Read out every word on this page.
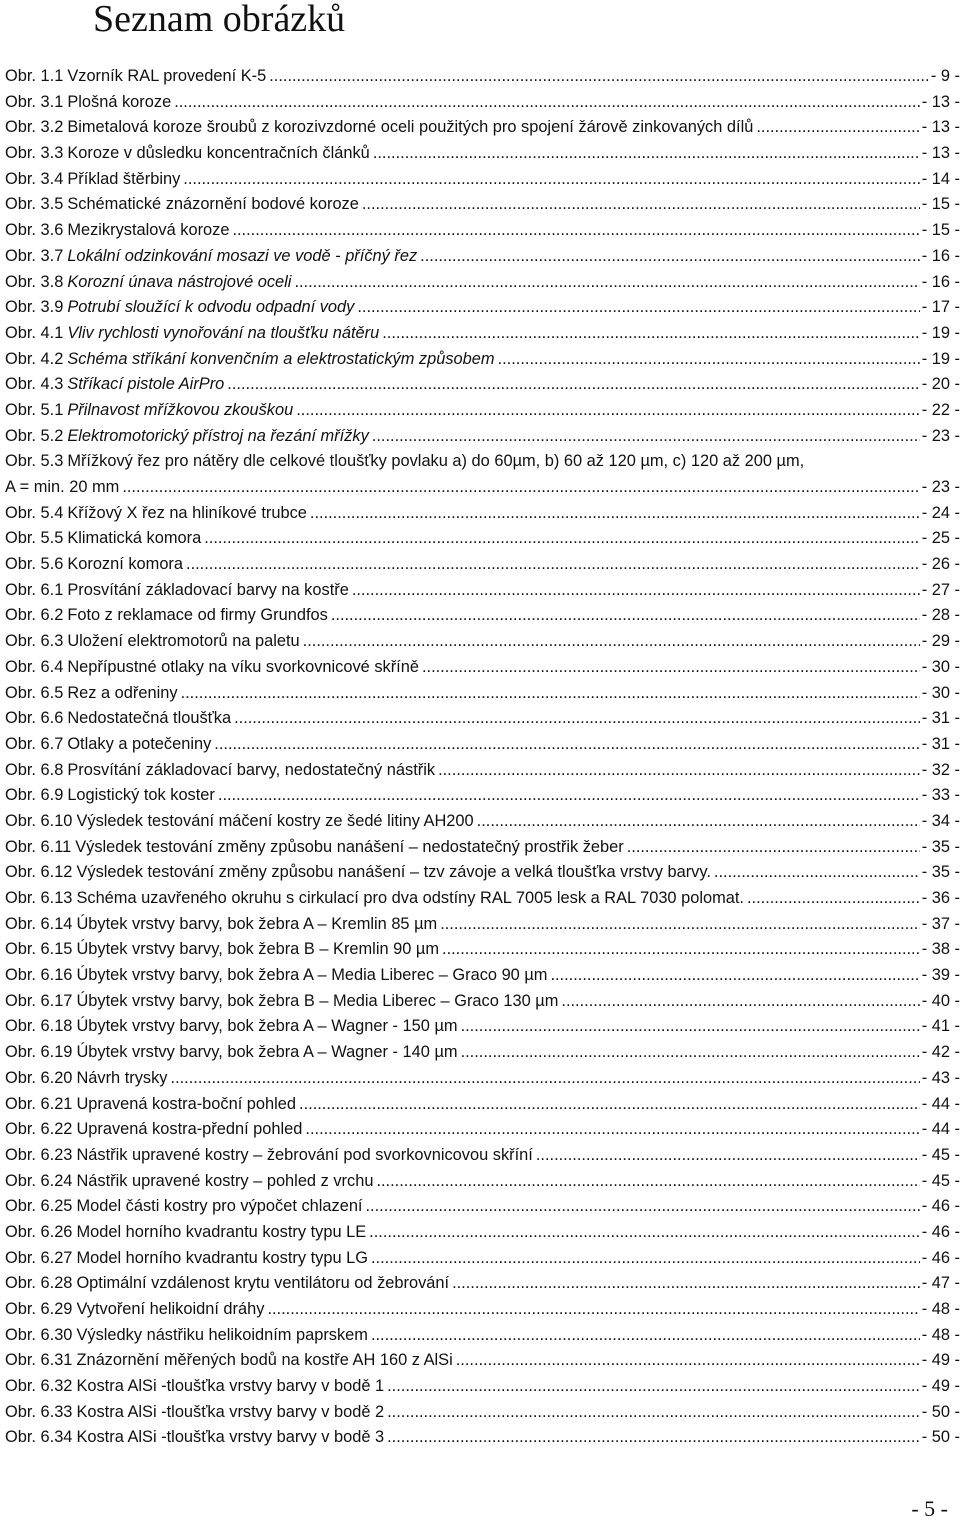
Seznam obrázků
Obr. 1.1 Vzorník RAL provedení K-5 .....	- 9 -
Obr. 3.1 Plošná koroze .....	- 13 -
Obr. 3.2 Bimetalová koroze šroubů z korozivzdorné oceli použitých pro spojení žárově zinkovaných dílů .....	- 13 -
Obr. 3.3 Koroze v důsledku koncentračních článků .....	- 13 -
Obr. 3.4 Příklad štěrbiny .....	- 14 -
Obr. 3.5 Schématické znázornění bodové koroze .....	- 15 -
Obr. 3.6 Mezikrystalová koroze .....	- 15 -
Obr. 3.7 Lokální odzinkování mosazi ve vodě - příčný řez .....	- 16 -
Obr. 3.8 Korozní únava nástrojové oceli .....	- 16 -
Obr. 3.9 Potrubí sloužící k odvodu odpadní vody .....	- 17 -
Obr. 4.1 Vliv rychlosti vynořování na tloušťku nátěru .....	- 19 -
Obr. 4.2 Schéma stříkání konvenčním a elektrostatickým způsobem .....	- 19 -
Obr. 4.3 Stříkací pistole AirPro .....	- 20 -
Obr. 5.1 Přilnavost mřížkovou zkouškou .....	- 22 -
Obr. 5.2 Elektromotorický přístroj na řezání mřížky .....	- 23 -
Obr. 5.3 Mřížkový řez pro nátěry dle celkové tloušťky povlaku a) do 60µm, b) 60 až 120 µm, c) 120 až 200 µm,
A = min. 20 mm .....	- 23 -
Obr. 5.4 Křížový X řez na hliníkové trubce .....	- 24 -
Obr. 5.5 Klimatická komora .....	- 25 -
Obr. 5.6 Korozní komora .....	- 26 -
Obr. 6.1 Prosvítání základovací barvy na kostře .....	- 27 -
Obr. 6.2 Foto z reklamace od firmy Grundfos .....	- 28 -
Obr. 6.3 Uložení elektromotorů na paletu .....	- 29 -
Obr. 6.4 Nepřípustné otlaky na víku svorkovnicové skříně .....	- 30 -
Obr. 6.5 Rez a odřeniny .....	- 30 -
Obr. 6.6 Nedostatečná tloušťka .....	- 31 -
Obr. 6.7 Otlaky a potečeniny .....	- 31 -
Obr. 6.8 Prosvítání základovací barvy, nedostatečný nástřik .....	- 32 -
Obr. 6.9 Logistický tok koster .....	- 33 -
Obr. 6.10 Výsledek testování máčení kostry ze šedé litiny AH200 .....	- 34 -
Obr. 6.11 Výsledek testování změny způsobu nanášení – nedostatečný prostřik žeber .....	- 35 -
Obr. 6.12 Výsledek testování změny způsobu nanášení – tzv závoje a velká tloušťka vrstvy barvy. .....	- 35 -
Obr. 6.13 Schéma uzavřeného okruhu s cirkulací pro dva odstíny RAL 7005 lesk a RAL 7030 polomat. .....	- 36 -
Obr. 6.14 Úbytek vrstvy barvy, bok žebra A – Kremlin 85 µm .....	- 37 -
Obr. 6.15 Úbytek vrstvy barvy, bok žebra B – Kremlin 90 µm .....	- 38 -
Obr. 6.16 Úbytek vrstvy barvy, bok žebra A – Media Liberec – Graco 90 µm .....	- 39 -
Obr. 6.17 Úbytek vrstvy barvy, bok žebra B – Media Liberec – Graco 130 µm .....	- 40 -
Obr. 6.18 Úbytek vrstvy barvy, bok žebra A – Wagner - 150 µm .....	- 41 -
Obr. 6.19 Úbytek vrstvy barvy, bok žebra A – Wagner - 140 µm .....	- 42 -
Obr. 6.20 Návrh trysky .....	- 43 -
Obr. 6.21 Upravená kostra-boční pohled .....	- 44 -
Obr. 6.22 Upravená kostra-přední pohled .....	- 44 -
Obr. 6.23 Nástřik upravené kostry – žebrování pod svorkovnicovou skříní .....	- 45 -
Obr. 6.24 Nástřik upravené kostry – pohled z vrchu .....	- 45 -
Obr. 6.25 Model části kostry pro výpočet chlazení .....	- 46 -
Obr. 6.26 Model horního kvadrantu kostry typu LE .....	- 46 -
Obr. 6.27 Model horního kvadrantu kostry typu LG .....	- 46 -
Obr. 6.28 Optimální vzdálenost krytu ventilátoru od žebrování .....	- 47 -
Obr. 6.29 Vytvoření helikoidní dráhy .....	- 48 -
Obr. 6.30 Výsledky nástřiku helikoidním paprskem .....	- 48 -
Obr. 6.31 Znázornění měřených bodů na kostře AH 160 z AlSi .....	- 49 -
Obr. 6.32 Kostra AlSi -tloušťka vrstvy barvy v bodě 1 .....	- 49 -
Obr. 6.33 Kostra AlSi -tloušťka vrstvy barvy v bodě 2 .....	- 50 -
Obr. 6.34 Kostra AlSi -tloušťka vrstvy barvy v bodě 3 .....	- 50 -
- 5 -
